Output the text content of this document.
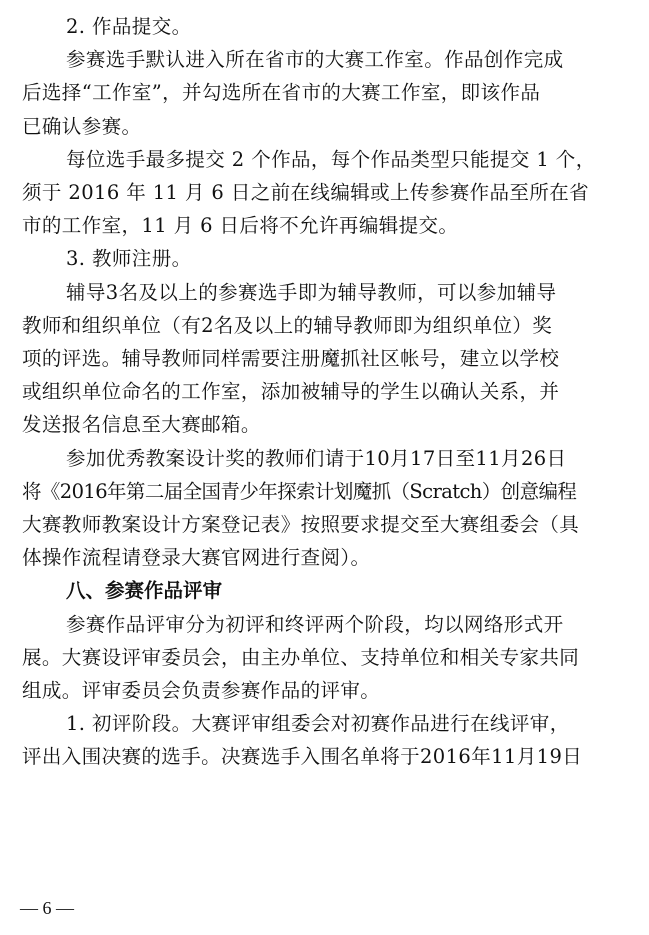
2. 作品提交。
参赛选手默认进入所在省市的大赛工作室。作品创作完成
后选择“工作室”，并勾选所在省市的大赛工作室，即该作品
已确认参赛。
每位选手最多提交 2 个作品，每个作品类型只能提交 1 个，
须于 2016 年 11 月 6 日之前在线编辑或上传参赛作品至所在省
市的工作室，11 月 6 日后将不允许再编辑提交。

3. 教师注册。
辅导3名及以上的参赛选手即为辅导教师，可以参加辅导
教师和组织单位（有2名及以上的辅导教师即为组织单位）奖
项的评选。辅导教师同样需要注册魔抓社区帐号，建立以学校
或组织单位命名的工作室，添加被辅导的学生以确认关系，并
发送报名信息至大赛邮箱。
参加优秀教案设计奖的教师们请于10月17日至11月26日
将《2016年第二届全国青少年探索计划魔抓（Scratch）创意编程
大赛教师教案设计方案登记表》按照要求提交至大赛组委会（具
体操作流程请登录大赛官网进行查阅）。

八、参赛作品评审

参赛作品评审分为初评和终评两个阶段，均以网络形式开
展。大赛设评审委员会，由主办单位、支持单位和相关专家共同
组成。评审委员会负责参赛作品的评审。
1. 初评阶段。大赛评审组委会对初赛作品进行在线评审，
评出入围决赛的选手。决赛选手入围名单将于2016年11月19日

— 6 —
